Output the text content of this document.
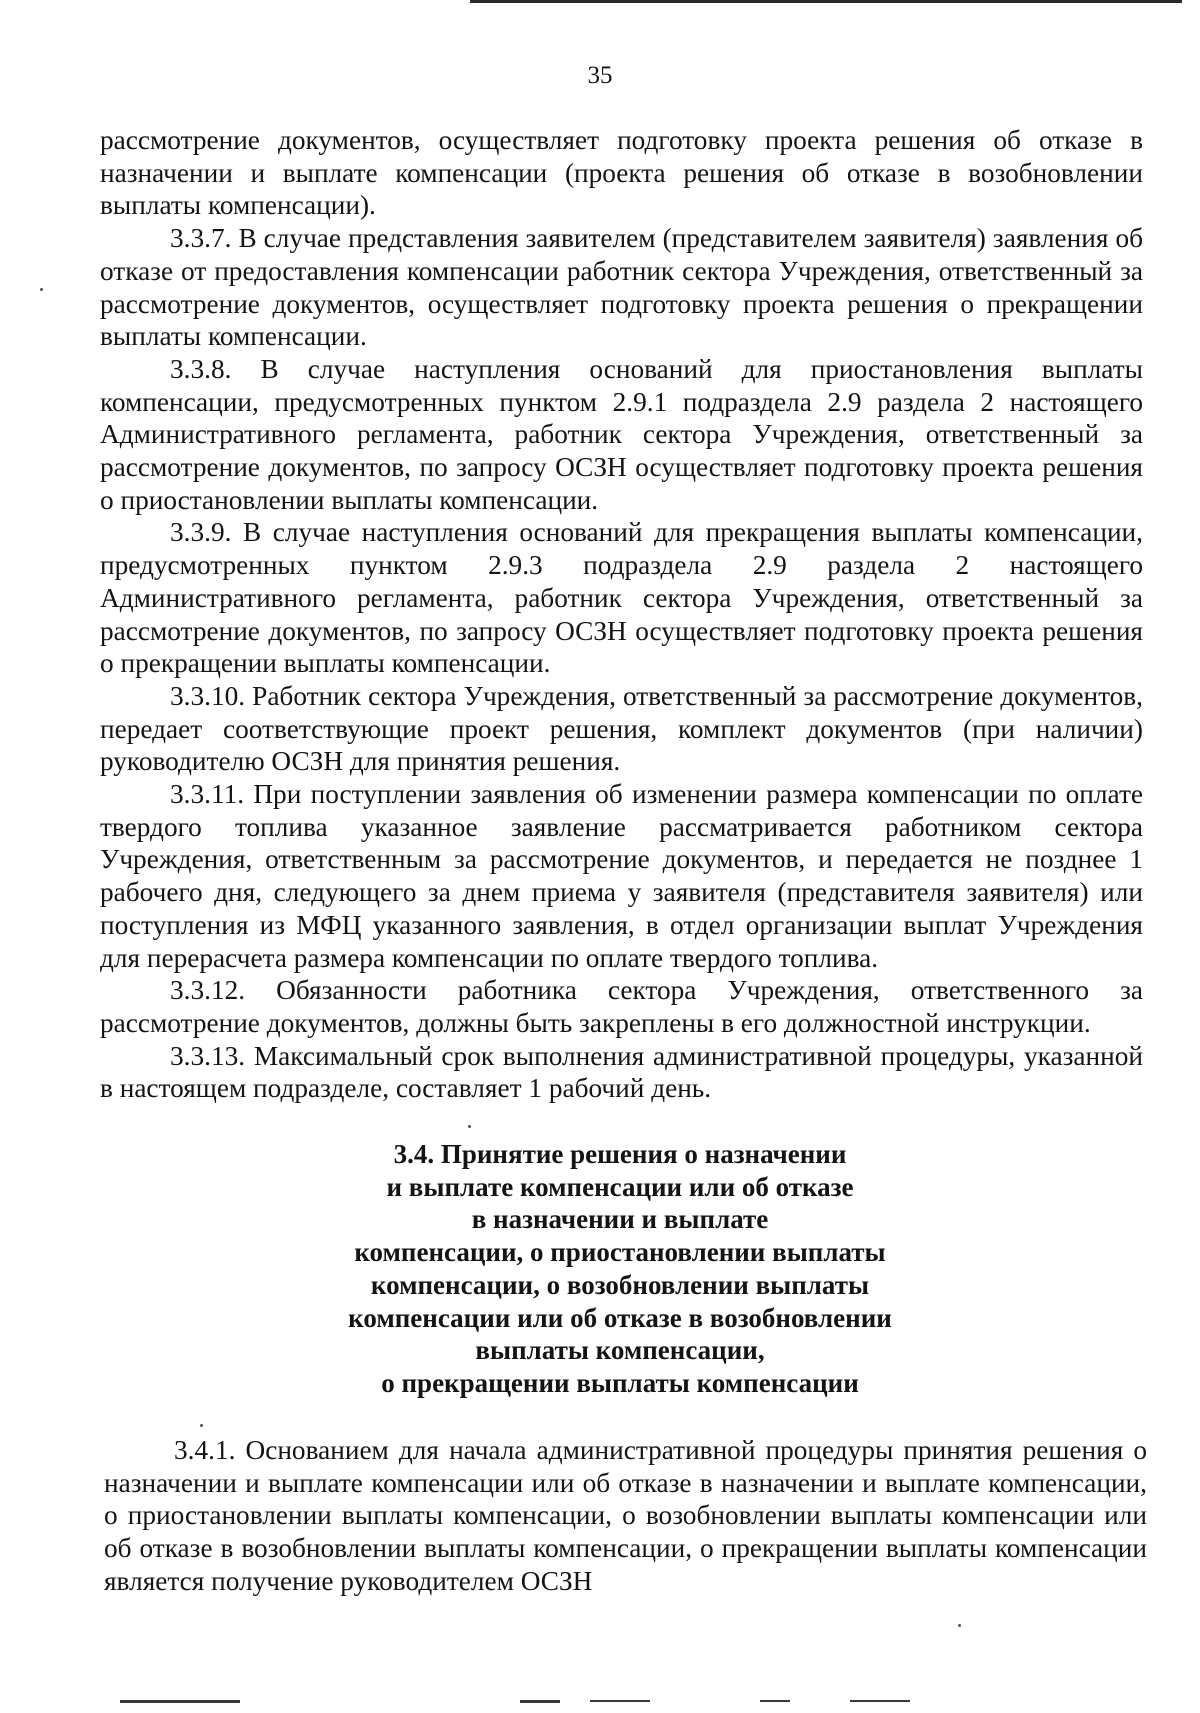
35

рассмотрение документов, осуществляет подготовку проекта решения об отказе в назначении и выплате компенсации (проекта решения об отказе в возобновлении выплаты компенсации).

3.3.7. В случае представления заявителем (представителем заявителя) заявления об отказе от предоставления компенсации работник сектора Учреждения, ответственный за рассмотрение документов, осуществляет подготовку проекта решения о прекращении выплаты компенсации.

3.3.8. В случае наступления оснований для приостановления выплаты компенсации, предусмотренных пунктом 2.9.1 подраздела 2.9 раздела 2 настоящего Административного регламента, работник сектора Учреждения, ответственный за рассмотрение документов, по запросу ОСЗН осуществляет подготовку проекта решения о приостановлении выплаты компенсации.

3.3.9. В случае наступления оснований для прекращения выплаты компенсации, предусмотренных пунктом 2.9.3 подраздела 2.9 раздела 2 настоящего Административного регламента, работник сектора Учреждения, ответственный за рассмотрение документов, по запросу ОСЗН осуществляет подготовку проекта решения о прекращении выплаты компенсации.

3.3.10. Работник сектора Учреждения, ответственный за рассмотрение документов, передает соответствующие проект решения, комплект документов (при наличии) руководителю ОСЗН для принятия решения.

3.3.11. При поступлении заявления об изменении размера компенсации по оплате твердого топлива указанное заявление рассматривается работником сектора Учреждения, ответственным за рассмотрение документов, и передается не позднее 1 рабочего дня, следующего за днем приема у заявителя (представителя заявителя) или поступления из МФЦ указанного заявления, в отдел организации выплат Учреждения для перерасчета размера компенсации по оплате твердого топлива.

3.3.12. Обязанности работника сектора Учреждения, ответственного за рассмотрение документов, должны быть закреплены в его должностной инструкции.

3.3.13. Максимальный срок выполнения административной процедуры, указанной в настоящем подразделе, составляет 1 рабочий день.

3.4. Принятие решения о назначении
и выплате компенсации или об отказе
в назначении и выплате
компенсации, о приостановлении выплаты
компенсации, о возобновлении выплаты
компенсации или об отказе в возобновлении
выплаты компенсации,
о прекращении выплаты компенсации

3.4.1. Основанием для начала административной процедуры принятия решения о назначении и выплате компенсации или об отказе в назначении и выплате компенсации, о приостановлении выплаты компенсации, о возобновлении выплаты компенсации или об отказе в возобновлении выплаты компенсации, о прекращении выплаты компенсации является получение руководителем ОСЗН
